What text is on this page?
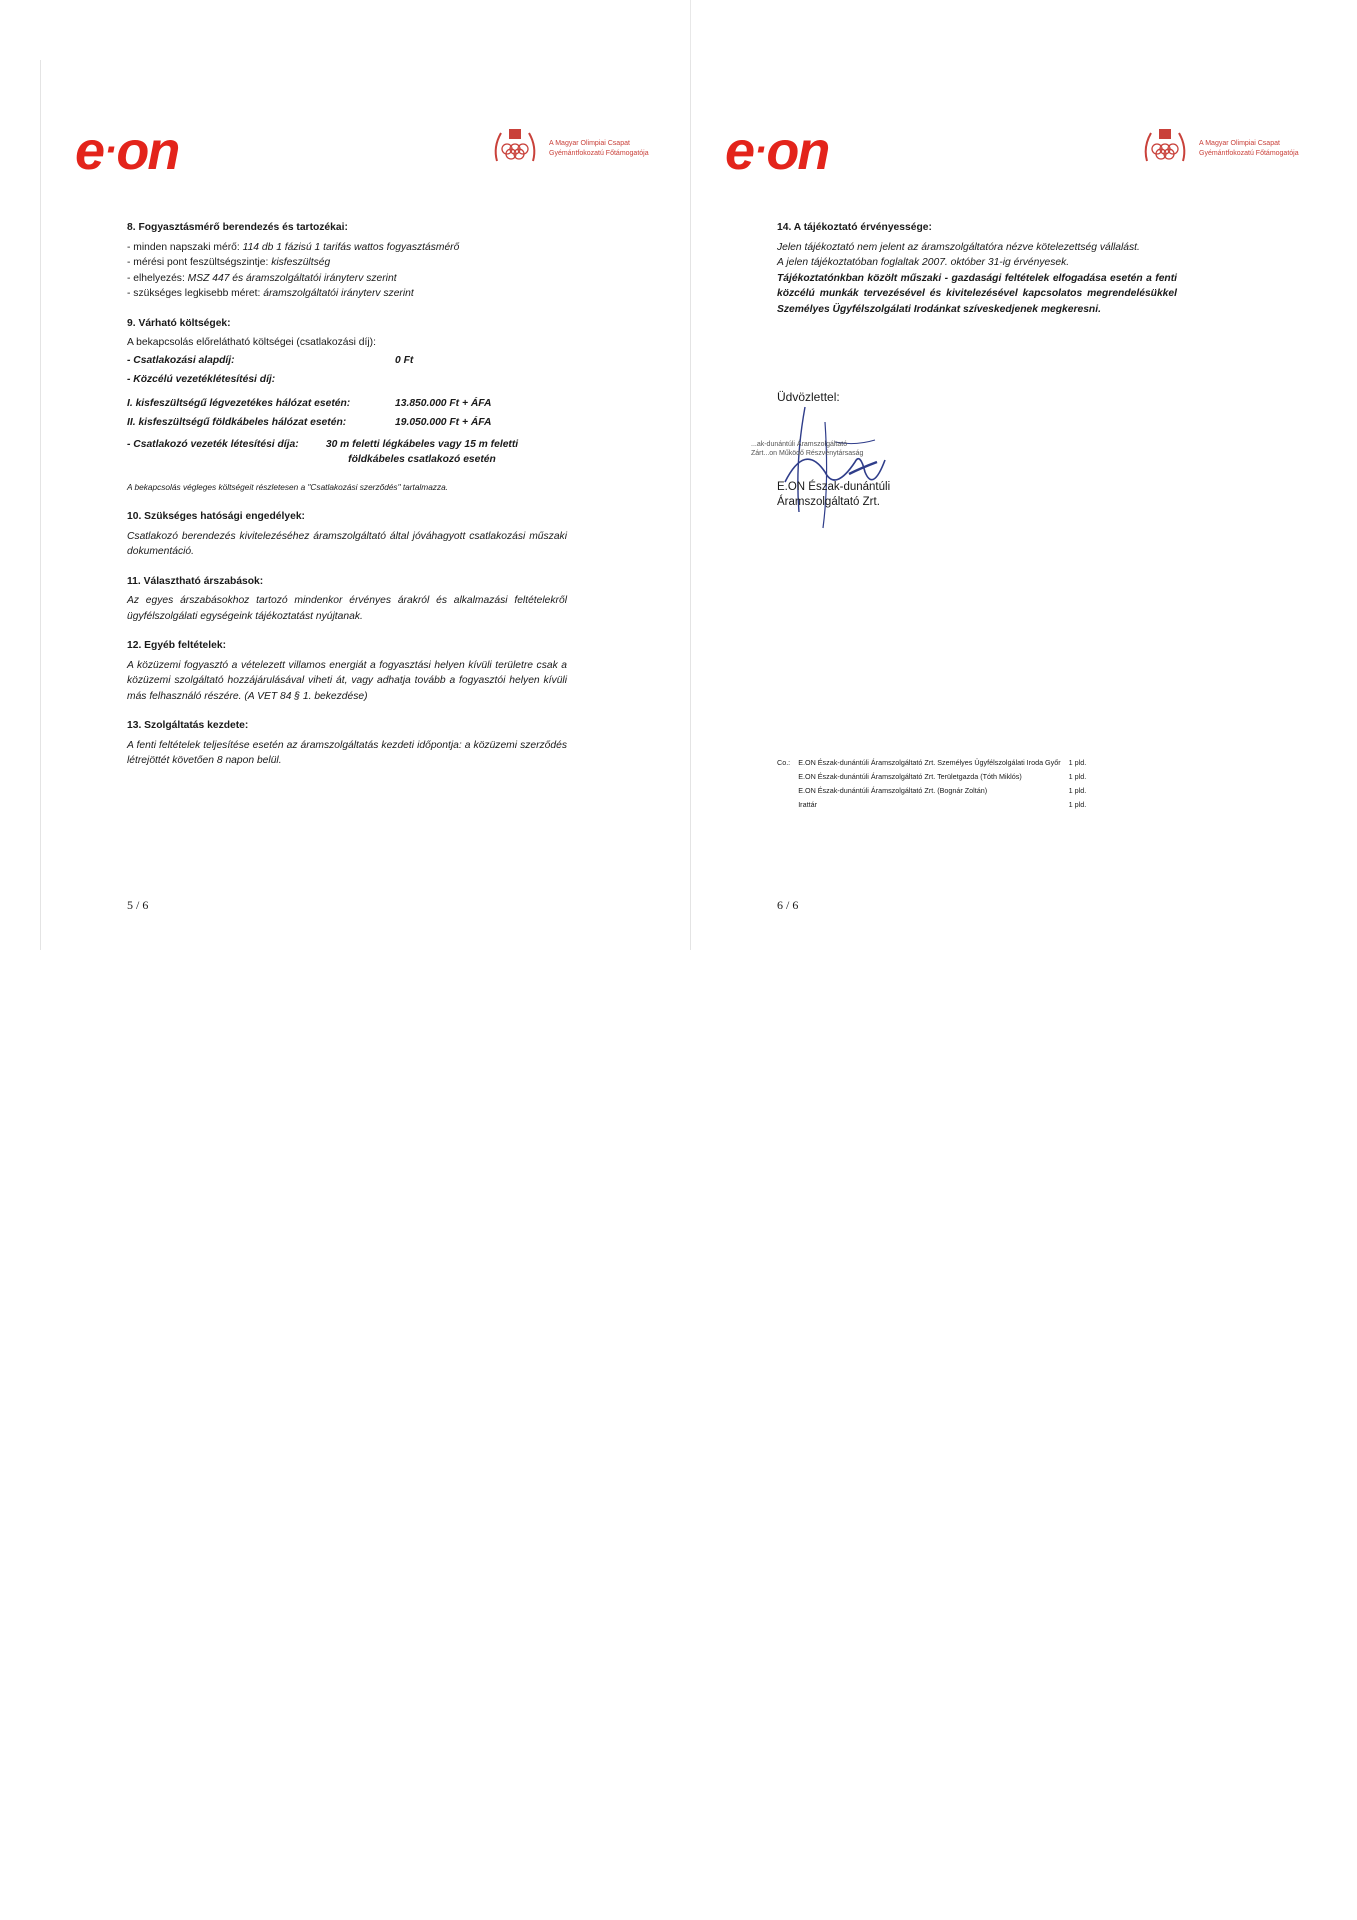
e·on	A Magyar Olimpiai Csapat
Gyémántfokozatú Főtámogatója
8. Fogyasztásmérő berendezés és tartozékai:
- minden napszaki mérő: 114 db 1 fázisú 1 tarifás wattos fogyasztásmérő
- mérési pont feszültségszintje: kisfeszültség
- elhelyezés: MSZ 447 és áramszolgáltatói irányterv szerint
- szükséges legkisebb méret: áramszolgáltatói irányterv szerint
9. Várható költségek:
A bekapcsolás előrelátható költségei (csatlakozási díj):
- Csatlakozási alapdíj:	0 Ft
- Közcélú vezetéklétesítési díj:
I. kisfeszültségű légvezetékes hálózat esetén:	13.850.000 Ft + ÁFA
II. kisfeszültségű földkábeles hálózat esetén:	19.050.000 Ft + ÁFA
- Csatlakozó vezeték létesítési díja:	30 m feletti légkábeles vagy 15 m feletti földkábeles csatlakozó esetén
A bekapcsolás végleges költségeit részletesen a "Csatlakozási szerződés" tartalmazza.
10. Szükséges hatósági engedélyek:
Csatlakozó berendezés kivitelezéséhez áramszolgáltató által jóváhagyott csatlakozási műszaki dokumentáció.
11. Választható árszabások:
Az egyes árszabásokhoz tartozó mindenkor érvényes árakról és alkalmazási feltételekről ügyfélszolgálati egységeink tájékoztatást nyújtanak.
12. Egyéb feltételek:
A közüzemi fogyasztó a vételezett villamos energiát a fogyasztási helyen kívüli területre csak a közüzemi szolgáltató hozzájárulásával viheti át, vagy adhatja tovább a fogyasztói helyen kívüli más felhasználó részére. (A VET 84 § 1. bekezdése)
13. Szolgáltatás kezdete:
A fenti feltételek teljesítése esetén az áramszolgáltatás kezdeti időpontja: a közüzemi szerződés létrejöttét követően 8 napon belül.
5 / 6
e·on	A Magyar Olimpiai Csapat
Gyémántfokozatú Főtámogatója
14. A tájékoztató érvényessége:
Jelen tájékoztató nem jelent az áramszolgáltatóra nézve kötelezettség vállalást.
A jelen tájékoztatóban foglaltak 2007. október 31-ig érvényesek.
Tájékoztatónkban közölt műszaki - gazdasági feltételek elfogadása esetén a fenti közcélú munkák tervezésével és kivitelezésével kapcsolatos megrendelésükkel Személyes Ügyfélszolgálati Irodánkat szíveskedjenek megkeresni.
Üdvözlettel:
...ak-dunántúli Áramszolgáltató
Zárt...on Működő Részvénytársaság
E.ON Észak-dunántúli
Áramszolgáltató Zrt.
Co.:	E.ON Észak-dunántúli Áramszolgáltató Zrt. Személyes Ügyfélszolgálati Iroda Győr	1 pld.
	E.ON Észak-dunántúli Áramszolgáltató Zrt. Területgazda (Tóth Miklós)	1 pld.
	E.ON Észak-dunántúli Áramszolgáltató Zrt. (Bognár Zoltán)	1 pld.
	Irattár	1 pld.
6 / 6
